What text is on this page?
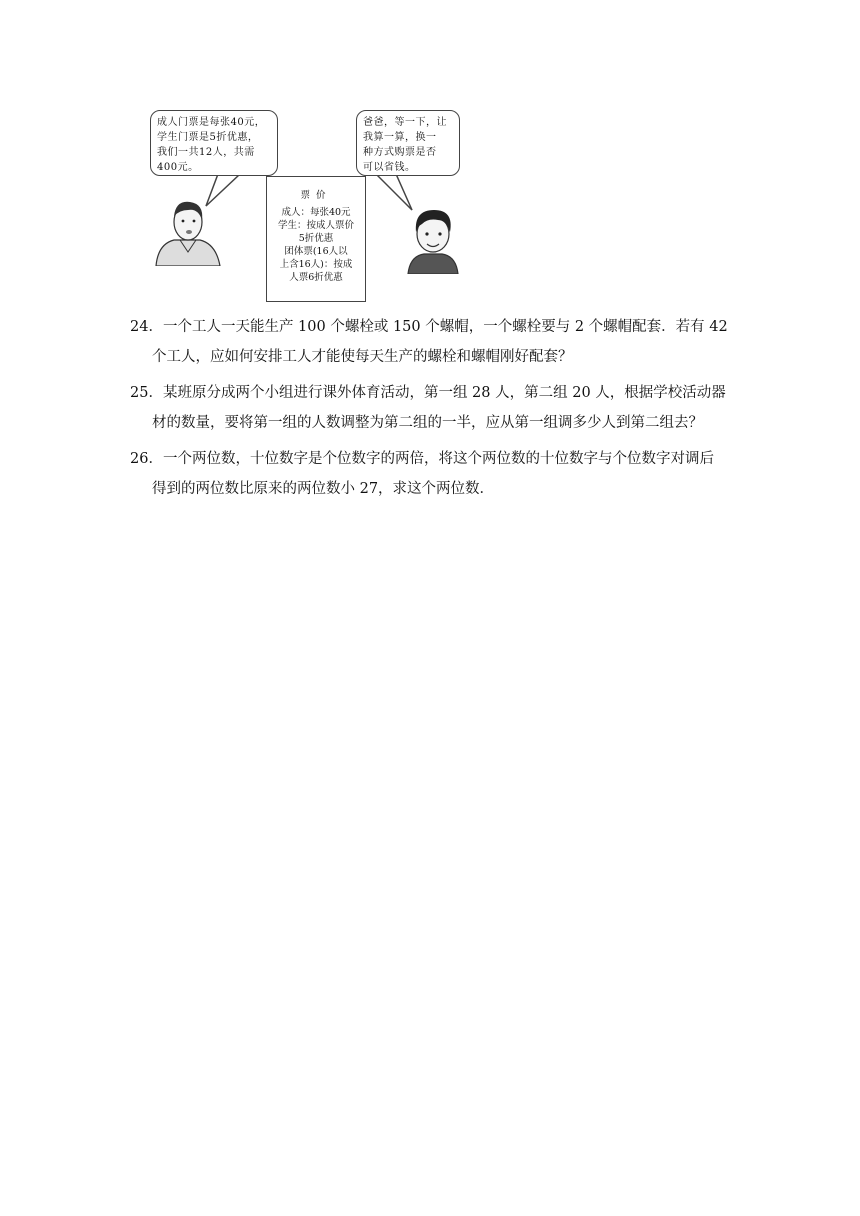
成人门票是每张40元，
学生门票是5折优惠，
我们一共12人，共需
400元。
爸爸，等一下，让
我算一算，换一
种方式购票是否
可以省钱。
票价
成人：每张40元
学生：按成人票价
5折优惠
团体票(16人以
上含16人)：按成
人票6折优惠
24．一个工人一天能生产 100 个螺栓或 150 个螺帽，一个螺栓要与 2 个螺帽配套．若有 42
个工人，应如何安排工人才能使每天生产的螺栓和螺帽刚好配套？
25．某班原分成两个小组进行课外体育活动，第一组 28 人，第二组 20 人，根据学校活动器
材的数量，要将第一组的人数调整为第二组的一半，应从第一组调多少人到第二组去？
26．一个两位数，十位数字是个位数字的两倍，将这个两位数的十位数字与个位数字对调后
得到的两位数比原来的两位数小 27，求这个两位数．
